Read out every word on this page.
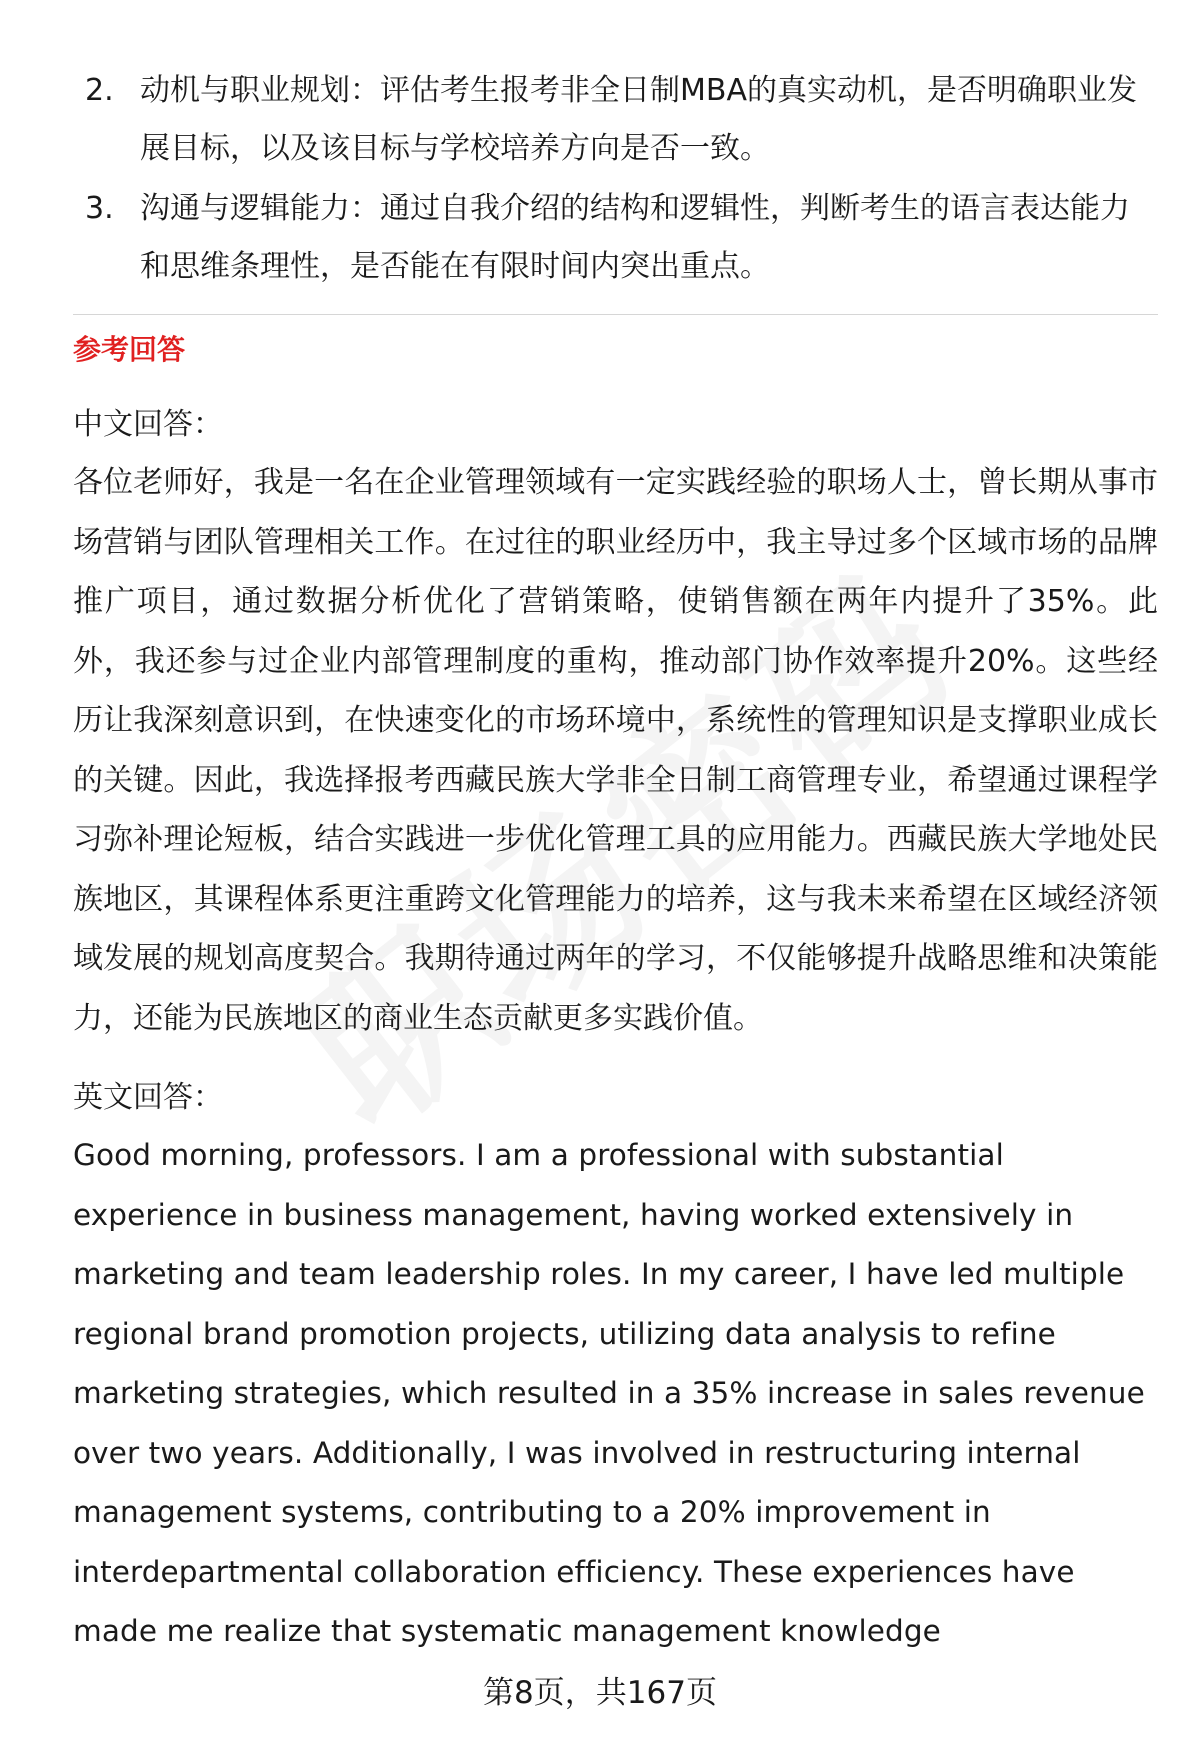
2. 动机与职业规划：评估考生报考非全日制MBA的真实动机，是否明确职业发展目标，以及该目标与学校培养方向是否一致。
3. 沟通与逻辑能力：通过自我介绍的结构和逻辑性，判断考生的语言表达能力和思维条理性，是否能在有限时间内突出重点。
参考回答
中文回答：

各位老师好，我是一名在企业管理领域有一定实践经验的职场人士，曾长期从事市场营销与团队管理相关工作。在过往的职业经历中，我主导过多个区域市场的品牌推广项目，通过数据分析优化了营销策略，使销售额在两年内提升了35%。此外，我还参与过企业内部管理制度的重构，推动部门协作效率提升20%。这些经历让我深刻意识到，在快速变化的市场环境中，系统性的管理知识是支撑职业成长的关键。因此，我选择报考西藏民族大学非全日制工商管理专业，希望通过课程学习弥补理论短板，结合实践进一步优化管理工具的应用能力。西藏民族大学地处民族地区，其课程体系更注重跨文化管理能力的培养，这与我未来希望在区域经济领域发展的规划高度契合。我期待通过两年的学习，不仅能够提升战略思维和决策能力，还能为民族地区的商业生态贡献更多实践价值。

英文回答：

Good morning, professors. I am a professional with substantial experience in business management, having worked extensively in marketing and team leadership roles. In my career, I have led multiple regional brand promotion projects, utilizing data analysis to refine marketing strategies, which resulted in a 35% increase in sales revenue over two years. Additionally, I was involved in restructuring internal management systems, contributing to a 20% improvement in interdepartmental collaboration efficiency. These experiences have made me realize that systematic management knowledge

第8页，共167页
